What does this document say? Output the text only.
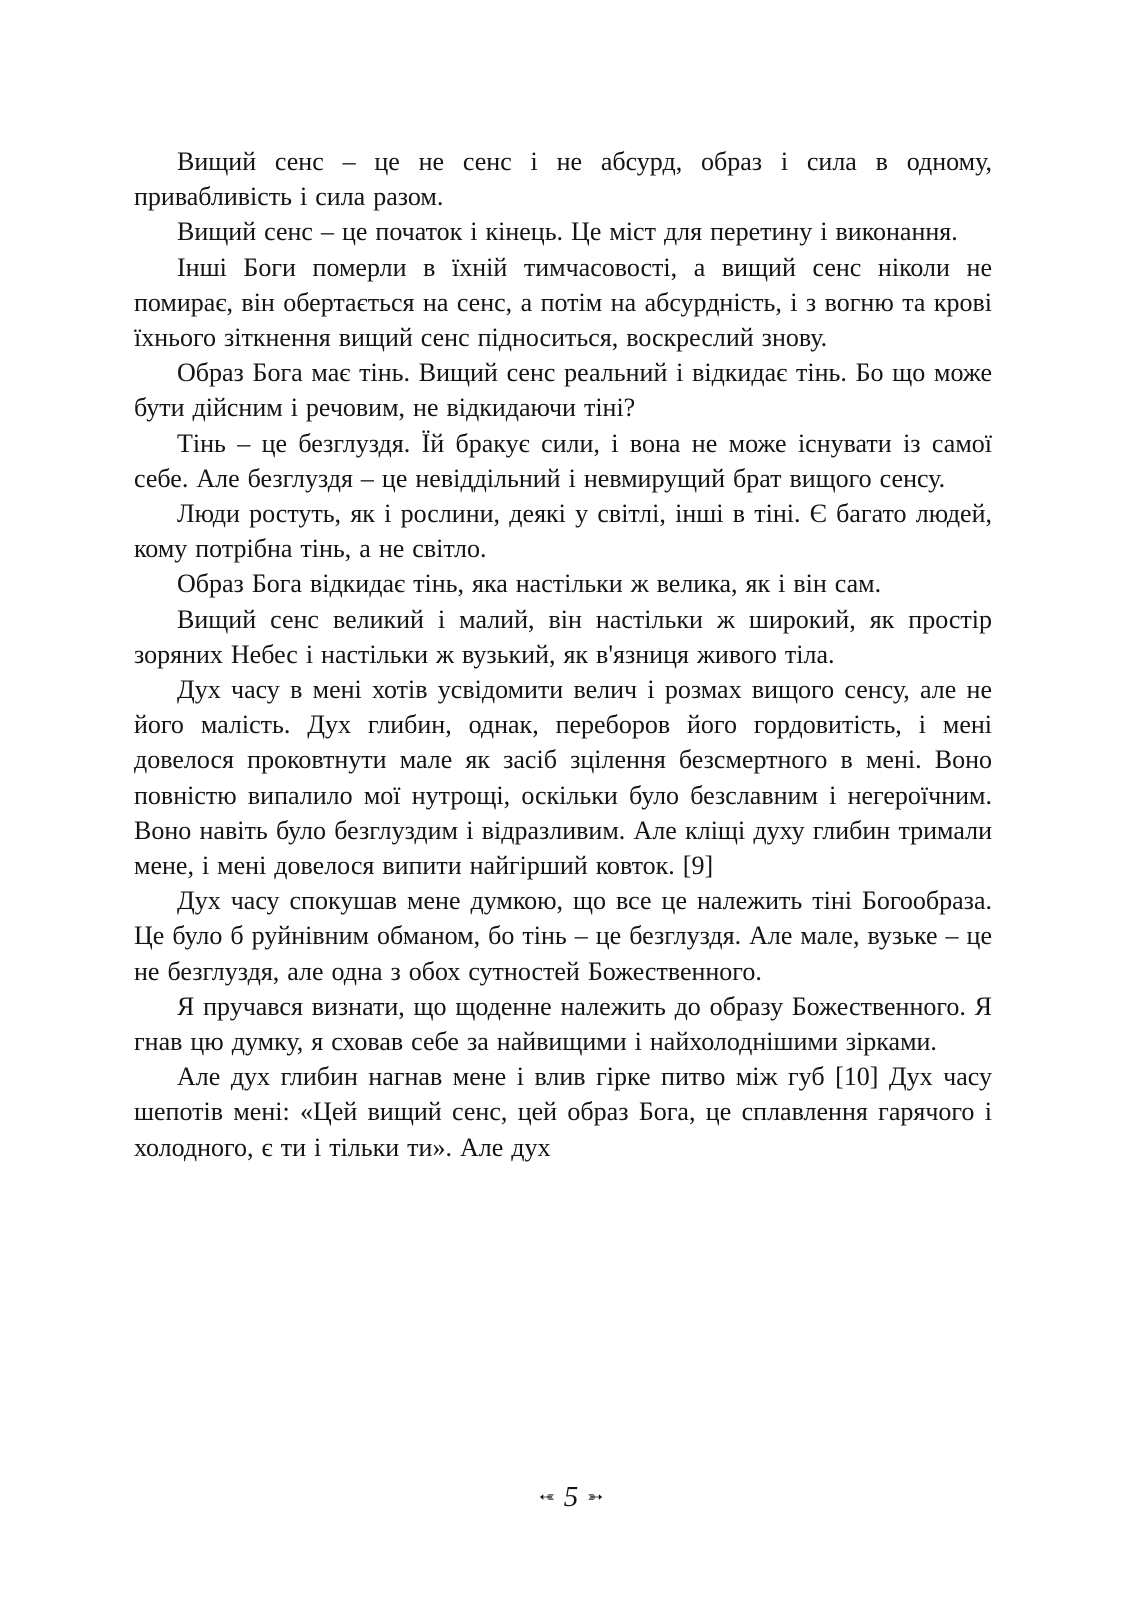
Вищий сенс – це не сенс і не абсурд, образ і сила в одному, привабливість і сила разом.

Вищий сенс – це початок і кінець. Це міст для перетину і виконання.

Інші Боги померли в їхній тимчасовості, а вищий сенс ніколи не помирає, він обертається на сенс, а потім на абсурдність, і з вогню та крові їхнього зіткнення вищий сенс підноситься, воскреслий знову.

Образ Бога має тінь. Вищий сенс реальний і відкидає тінь. Бо що може бути дійсним і речовим, не відкидаючи тіні?

Тінь – це безглуздя. Їй бракує сили, і вона не може існувати із самої себе. Але безглуздя – це невіддільний і невмирущий брат вищого сенсу.

Люди ростуть, як і рослини, деякі у світлі, інші в тіні. Є багато людей, кому потрібна тінь, а не світло.

Образ Бога відкидає тінь, яка настільки ж велика, як і він сам.

Вищий сенс великий і малий, він настільки ж широкий, як простір зоряних Небес і настільки ж вузький, як в'язниця живого тіла.

Дух часу в мені хотів усвідомити велич і розмах вищого сенсу, але не його малість. Дух глибин, однак, переборов його гордовитість, і мені довелося проковтнути мале як засіб зцілення безсмертного в мені. Воно повністю випалило мої нутрощі, оскільки було безславним і негероїчним. Воно навіть було безглуздим і відразливим. Але кліщі духу глибин тримали мене, і мені довелося випити найгірший ковток. [9]

Дух часу спокушав мене думкою, що все це належить тіні Богообраза. Це було б руйнівним обманом, бо тінь – це безглуздя. Але мале, вузьке – це не безглуздя, але одна з обох сутностей Божественного.

Я пручався визнати, що щоденне належить до образу Божественного. Я гнав цю думку, я сховав себе за найвищими і найхолоднішими зірками.

Але дух глибин нагнав мене і влив гірке питво між губ [10] Дух часу шепотів мені: «Цей вищий сенс, цей образ Бога, це сплавлення гарячого і холодного, є ти і тільки ти». Але дух

➳ 5 ➳
